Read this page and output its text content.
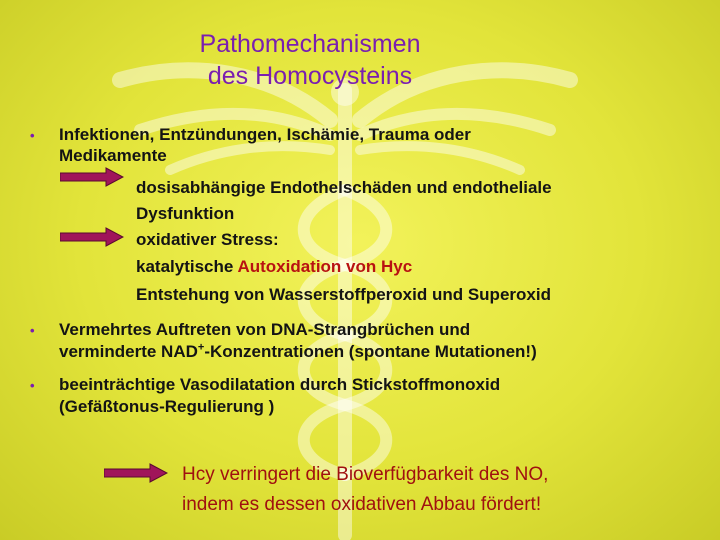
Pathomechanismen
des Homocysteins
• Infektionen, Entzündungen, Ischämie, Trauma oder
Medikamente
dosisabhängige Endothelschäden und endotheliale
Dysfunktion
oxidativer Stress:
katalytische Autoxidation von Hyc
Entstehung von Wasserstoffperoxid und Superoxid
• Vermehrtes Auftreten von DNA-Strangbrüchen und
verminderte NAD+-Konzentrationen (spontane Mutationen!)
• beeinträchtige Vasodilatation durch Stickstoffmonoxid
(Gefäßtonus-Regulierung )
Hcy verringert die Bioverfügbarkeit des NO,
indem es dessen oxidativen Abbau fördert!
